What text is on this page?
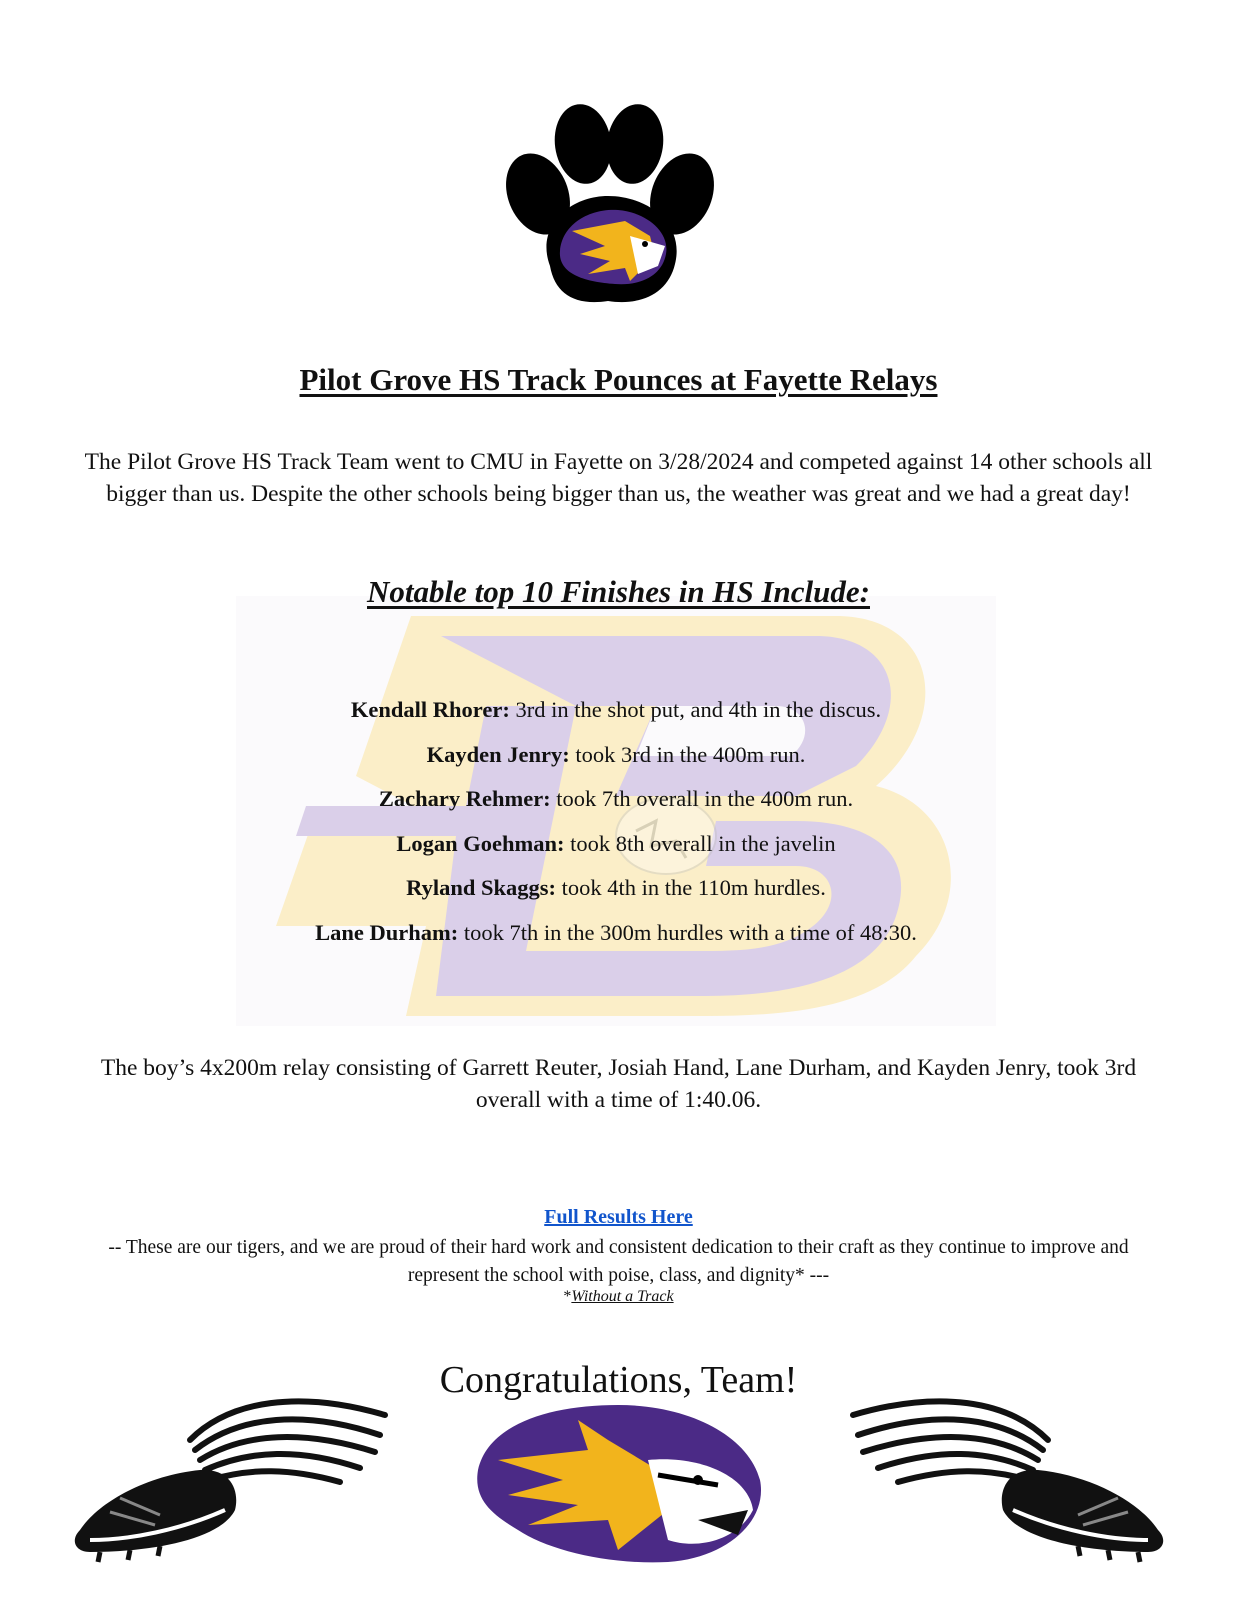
Pilot Grove HS Track Pounces at Fayette Relays

The Pilot Grove HS Track Team went to CMU in Fayette on 3/28/2024 and competed against 14 other schools all bigger than us. Despite the other schools being bigger than us, the weather was great and we had a great day!

Notable top 10 Finishes in HS Include:
Kendall Rhorer: 3rd in the shot put, and 4th in the discus.
Kayden Jenry: took 3rd in the 400m run.
Zachary Rehmer: took 7th overall in the 400m run.
Logan Goehman: took 8th overall in the javelin
Ryland Skaggs: took 4th in the 110m hurdles.
Lane Durham: took 7th in the 300m hurdles with a time of 48:30.

The boy’s 4x200m relay consisting of Garrett Reuter, Josiah Hand, Lane Durham, and Kayden Jenry, took 3rd overall with a time of 1:40.06.

Full Results Here

-- These are our tigers, and we are proud of their hard work and consistent dedication to their craft as they continue to improve and represent the school with poise, class, and dignity* ---

*Without a Track

Congratulations, Team!
